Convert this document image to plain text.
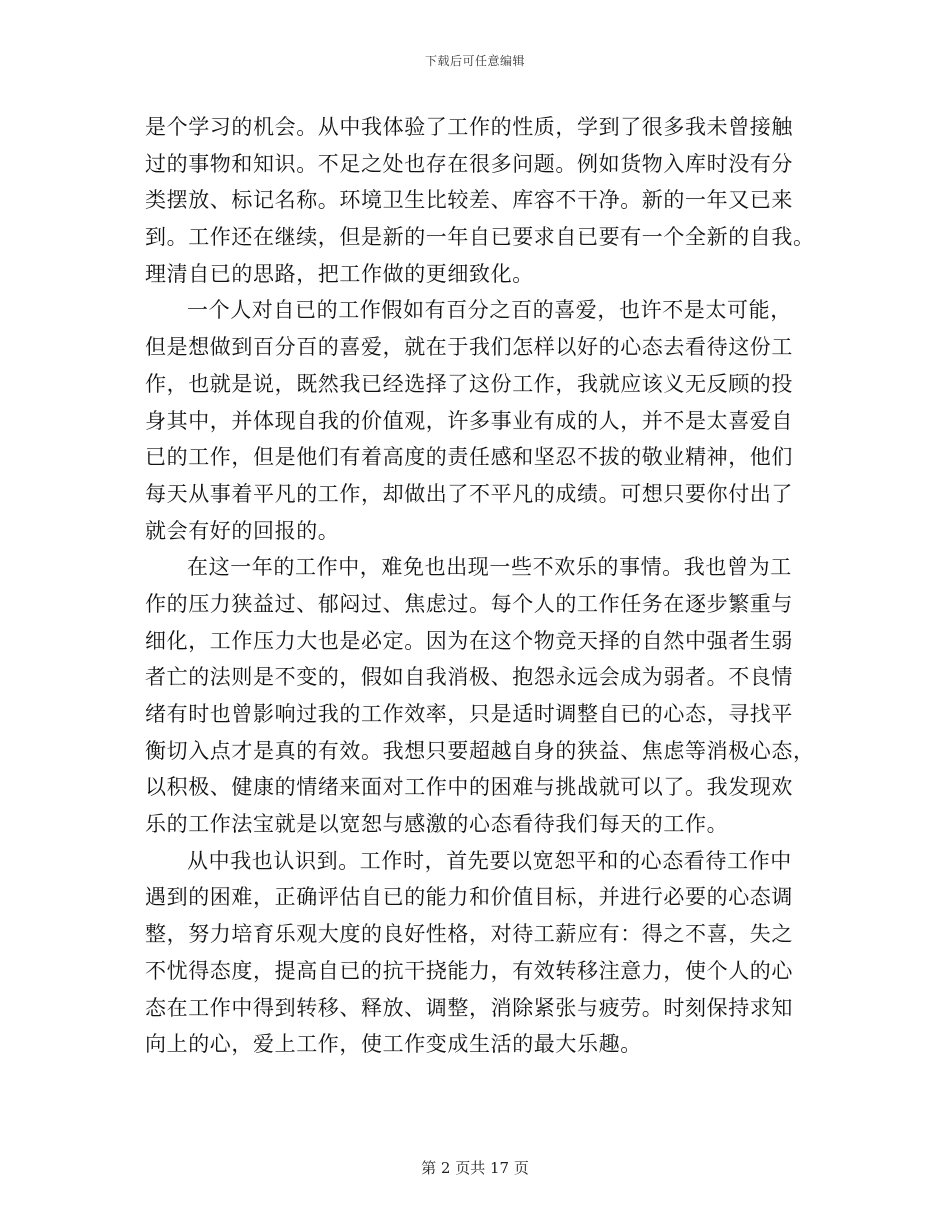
下载后可任意编辑
是个学习的机会。从中我体验了工作的性质，学到了很多我未曾接触
过的事物和知识。不足之处也存在很多问题。例如货物入库时没有分
类摆放、标记名称。环境卫生比较差、库容不干净。新的一年又已来
到。工作还在继续，但是新的一年自已要求自已要有一个全新的自我。
理清自已的思路，把工作做的更细致化。
一个人对自已的工作假如有百分之百的喜爱，也许不是太可能，
但是想做到百分百的喜爱，就在于我们怎样以好的心态去看待这份工
作，也就是说，既然我已经选择了这份工作，我就应该义无反顾的投
身其中，并体现自我的价值观，许多事业有成的人，并不是太喜爱自
已的工作，但是他们有着高度的责任感和坚忍不拔的敬业精神，他们
每天从事着平凡的工作，却做出了不平凡的成绩。可想只要你付出了
就会有好的回报的。
在这一年的工作中，难免也出现一些不欢乐的事情。我也曾为工
作的压力狭益过、郁闷过、焦虑过。每个人的工作任务在逐步繁重与
细化，工作压力大也是必定。因为在这个物竞天择的自然中强者生弱
者亡的法则是不变的，假如自我消极、抱怨永远会成为弱者。不良情
绪有时也曾影响过我的工作效率，只是适时调整自已的心态，寻找平
衡切入点才是真的有效。我想只要超越自身的狭益、焦虑等消极心态，
以积极、健康的情绪来面对工作中的困难与挑战就可以了。我发现欢
乐的工作法宝就是以宽恕与感激的心态看待我们每天的工作。
从中我也认识到。工作时，首先要以宽恕平和的心态看待工作中
遇到的困难，正确评估自已的能力和价值目标，并进行必要的心态调
整，努力培育乐观大度的良好性格，对待工薪应有：得之不喜，失之
不忧得态度，提高自已的抗干挠能力，有效转移注意力，使个人的心
态在工作中得到转移、释放、调整，消除紧张与疲劳。时刻保持求知
向上的心，爱上工作，使工作变成生活的最大乐趣。
第 2 页共 17 页
